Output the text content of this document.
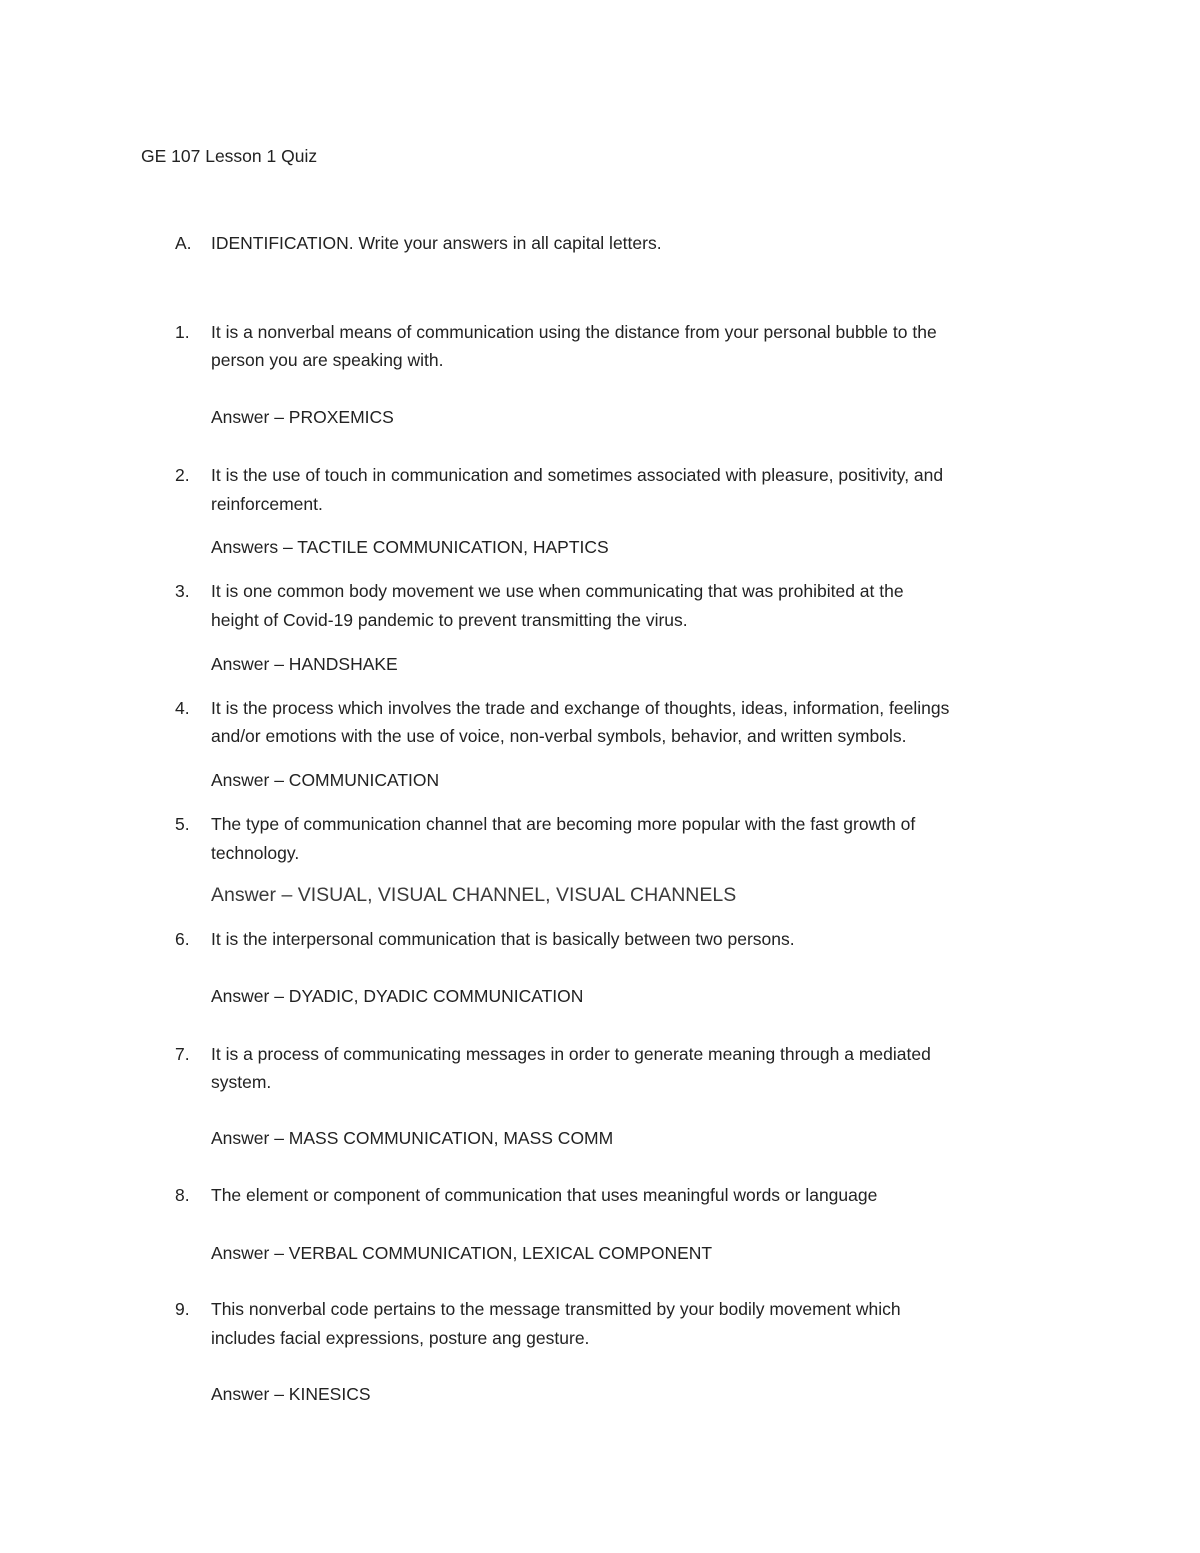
GE 107 Lesson 1 Quiz

A.	IDENTIFICATION. Write your answers in all capital letters.

1.	It is a nonverbal means of communication using the distance from your personal bubble to the

person you are speaking with.

Answer – PROXEMICS

2.	It is the use of touch in communication and sometimes associated with pleasure, positivity, and

reinforcement.

Answers – TACTILE COMMUNICATION, HAPTICS

3.	It is one common body movement we use when communicating that was prohibited at the

height of Covid-19 pandemic to prevent transmitting the virus.

Answer – HANDSHAKE

4.	It is the process which involves the trade and exchange of thoughts, ideas, information, feelings

and/or emotions with the use of voice, non-verbal symbols, behavior, and written symbols.

Answer – COMMUNICATION

5.	The type of communication channel that are becoming more popular with the fast growth of

technology.

Answer – VISUAL, VISUAL CHANNEL, VISUAL CHANNELS

6.	It is the interpersonal communication that is basically between two persons.

Answer – DYADIC, DYADIC COMMUNICATION

7.	It is a process of communicating messages in order to generate meaning through a mediated

system.

Answer – MASS COMMUNICATION, MASS COMM

8.	The element or component of communication that uses meaningful words or language

Answer – VERBAL COMMUNICATION, LEXICAL COMPONENT

9.	This nonverbal code pertains to the message transmitted by your bodily movement which

includes facial expressions, posture ang gesture.

Answer – KINESICS
